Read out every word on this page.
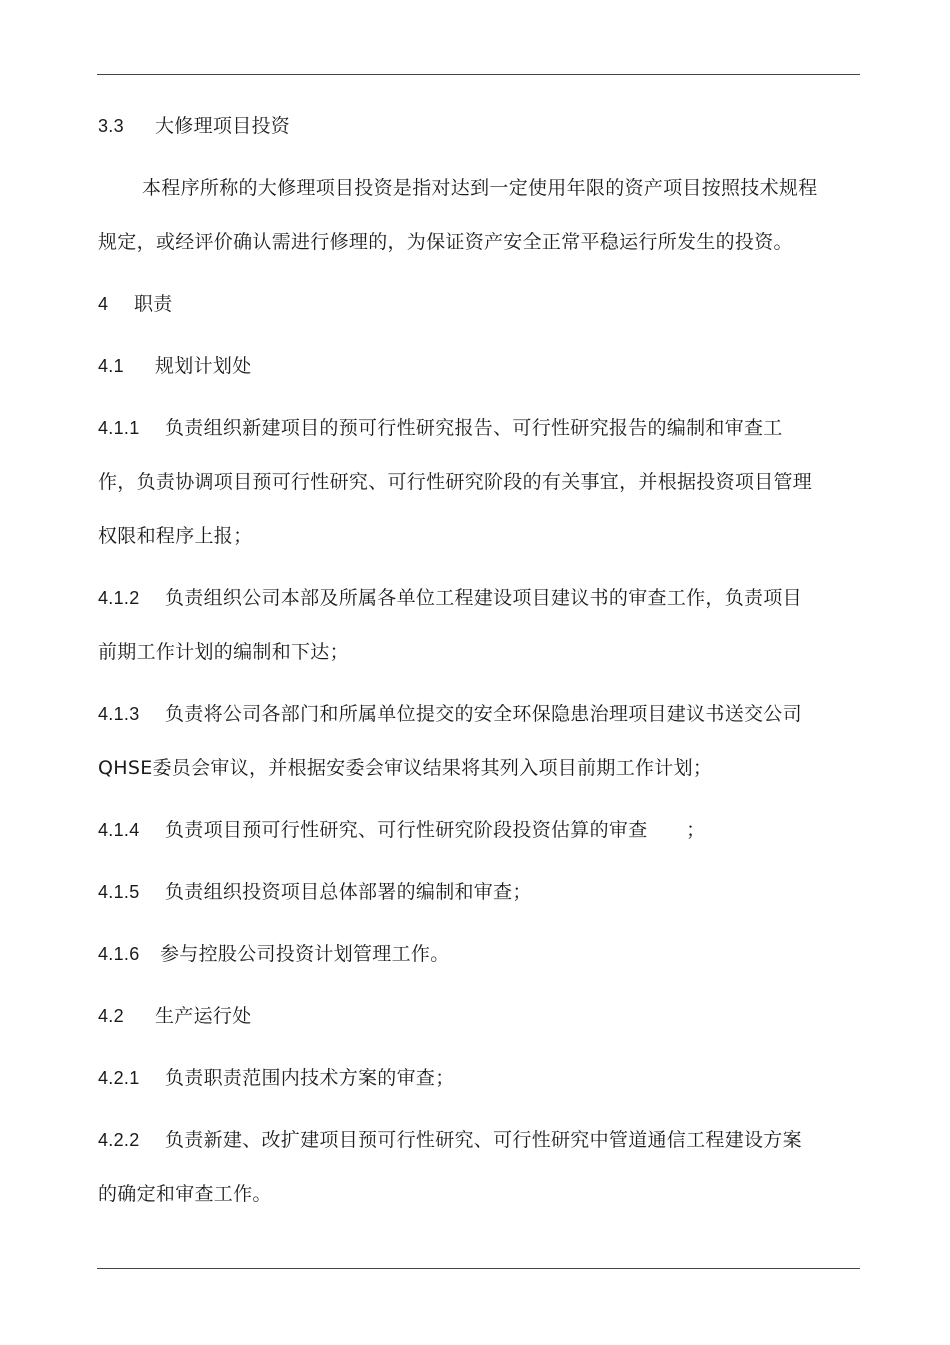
3.3 大修理项目投资

本程序所称的大修理项目投资是指对达到一定使用年限的资产项目按照技术规程规定，或经评价确认需进行修理的，为保证资产安全正常平稳运行所发生的投资。

4 职责

4.1 规划计划处

4.1.1 负责组织新建项目的预可行性研究报告、可行性研究报告的编制和审查工作，负责协调项目预可行性研究、可行性研究阶段的有关事宜，并根据投资项目管理权限和程序上报；

4.1.2 负责组织公司本部及所属各单位工程建设项目建议书的审查工作，负责项目前期工作计划的编制和下达；

4.1.3 负责将公司各部门和所属单位提交的安全环保隐患治理项目建议书送交公司 QHSE委员会审议，并根据安委会审议结果将其列入项目前期工作计划；

4.1.4 负责项目预可行性研究、可行性研究阶段投资估算的审查　　；

4.1.5 负责组织投资项目总体部署的编制和审查；

4.1.6 参与控股公司投资计划管理工作。

4.2 生产运行处

4.2.1 负责职责范围内技术方案的审查；

4.2.2 负责新建、改扩建项目预可行性研究、可行性研究中管道通信工程建设方案的确定和审查工作。
